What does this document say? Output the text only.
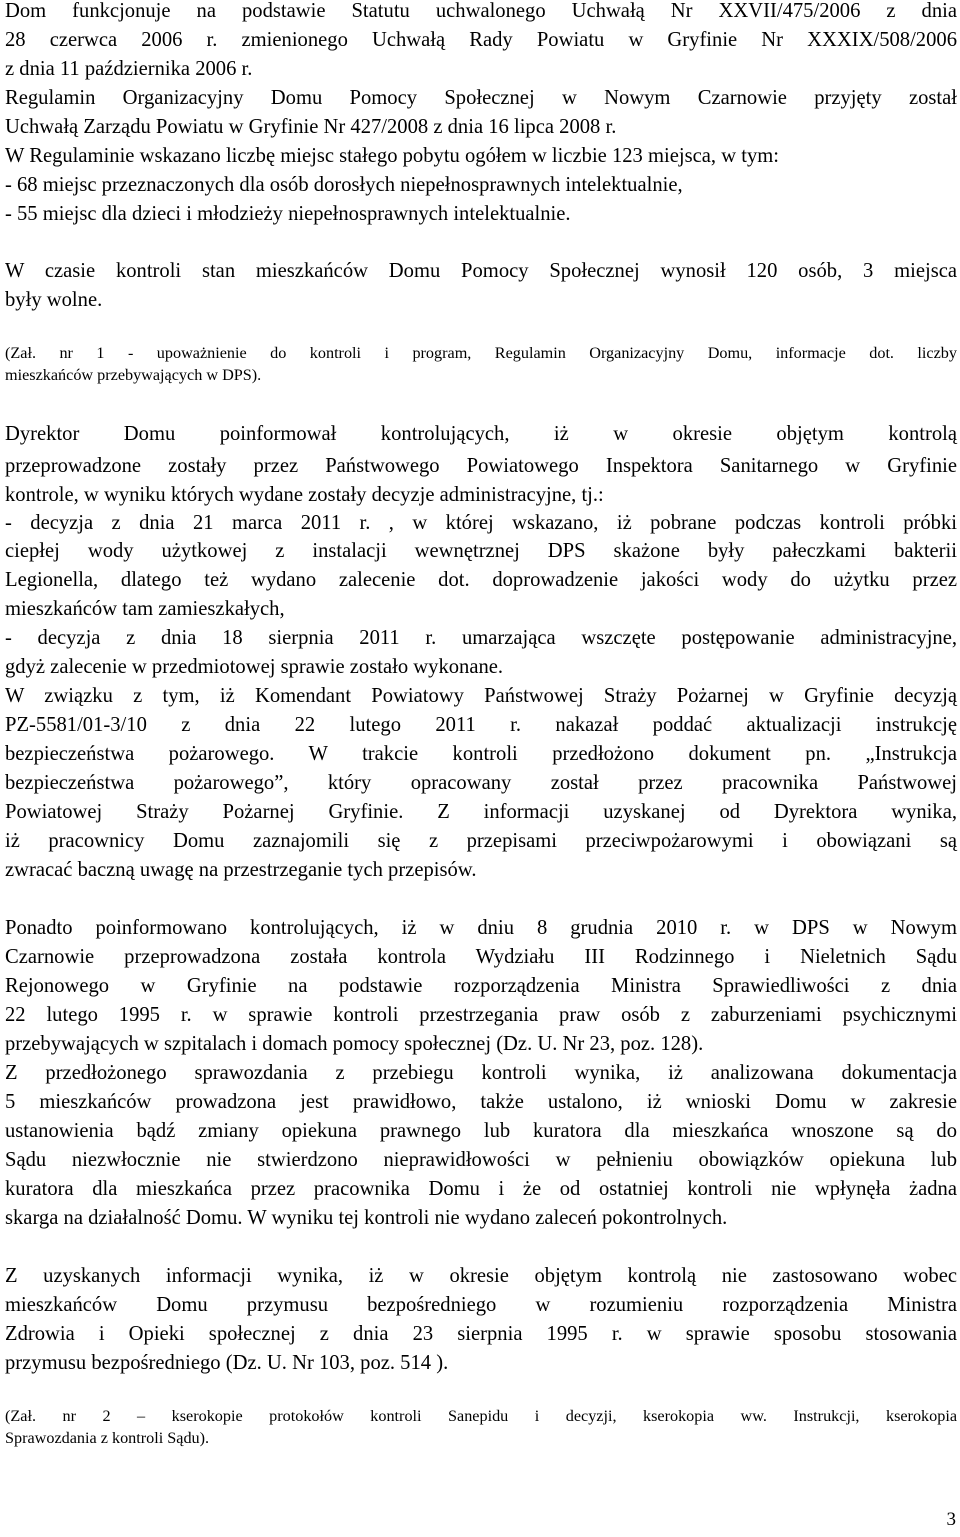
Dom funkcjonuje na podstawie Statutu uchwalonego Uchwałą Nr XXVII/475/2006 z dnia
28 czerwca 2006 r. zmienionego Uchwałą Rady Powiatu w Gryfinie Nr XXXIX/508/2006
z dnia 11 października 2006 r.
Regulamin Organizacyjny Domu Pomocy Społecznej w Nowym Czarnowie przyjęty został
Uchwałą Zarządu Powiatu w Gryfinie Nr 427/2008 z dnia 16 lipca 2008 r.
W Regulaminie wskazano liczbę miejsc stałego pobytu ogółem w liczbie 123 miejsca, w tym:
- 68 miejsc przeznaczonych dla osób dorosłych niepełnosprawnych intelektualnie,
- 55 miejsc dla dzieci i młodzieży niepełnosprawnych intelektualnie.
W czasie kontroli stan mieszkańców Domu Pomocy Społecznej wynosił 120 osób, 3 miejsca
były wolne.
(Zał. nr 1 - upoważnienie do kontroli i program, Regulamin Organizacyjny Domu, informacje dot. liczby
mieszkańców przebywających w DPS).
Dyrektor Domu poinformował kontrolujących, iż w okresie objętym kontrolą
przeprowadzone zostały przez Państwowego Powiatowego Inspektora Sanitarnego w Gryfinie
kontrole, w wyniku których wydane zostały decyzje administracyjne, tj.:
- decyzja z dnia 21 marca 2011 r. , w której wskazano, iż pobrane podczas kontroli próbki
ciepłej wody użytkowej z instalacji wewnętrznej DPS skażone były pałeczkami bakterii
Legionella, dlatego też wydano zalecenie dot. doprowadzenie jakości wody do użytku przez
mieszkańców tam zamieszkałych,
- decyzja z dnia 18 sierpnia 2011 r. umarzająca wszczęte postępowanie administracyjne,
gdyż zalecenie w przedmiotowej sprawie zostało wykonane.
W związku z tym, iż Komendant Powiatowy Państwowej Straży Pożarnej w Gryfinie decyzją
PZ-5581/01-3/10 z dnia 22 lutego 2011 r. nakazał poddać aktualizacji instrukcję
bezpieczeństwa pożarowego. W trakcie kontroli przedłożono dokument pn. „Instrukcja
bezpieczeństwa pożarowego”, który opracowany został przez pracownika Państwowej
Powiatowej Straży Pożarnej Gryfinie. Z informacji uzyskanej od Dyrektora wynika,
iż pracownicy Domu zaznajomili się z przepisami przeciwpożarowymi i obowiązani są
zwracać baczną uwagę na przestrzeganie tych przepisów.
Ponadto poinformowano kontrolujących, iż w dniu 8 grudnia 2010 r. w DPS w Nowym
Czarnowie przeprowadzona została kontrola Wydziału III Rodzinnego i Nieletnich Sądu
Rejonowego w Gryfinie na podstawie rozporządzenia Ministra Sprawiedliwości z dnia
22 lutego 1995 r. w sprawie kontroli przestrzegania praw osób z zaburzeniami psychicznymi
przebywających w szpitalach i domach pomocy społecznej (Dz. U. Nr 23, poz. 128).
Z przedłożonego sprawozdania z przebiegu kontroli wynika, iż analizowana dokumentacja
5 mieszkańców prowadzona jest prawidłowo, także ustalono, iż wnioski Domu w zakresie
ustanowienia bądź zmiany opiekuna prawnego lub kuratora dla mieszkańca wnoszone są do
Sądu niezwłocznie nie stwierdzono nieprawidłowości w pełnieniu obowiązków opiekuna lub
kuratora dla mieszkańca przez pracownika Domu i że od ostatniej kontroli nie wpłynęła żadna
skarga na działalność Domu. W wyniku tej kontroli nie wydano zaleceń pokontrolnych.
Z uzyskanych informacji wynika, iż w okresie objętym kontrolą nie zastosowano wobec
mieszkańców Domu przymusu bezpośredniego w rozumieniu rozporządzenia Ministra
Zdrowia i Opieki społecznej z dnia 23 sierpnia 1995 r. w sprawie sposobu stosowania
przymusu bezpośredniego (Dz. U. Nr 103, poz. 514 ).
(Zał. nr 2 – kserokopie protokołów kontroli Sanepidu i decyzji, kserokopia ww. Instrukcji, kserokopia
Sprawozdania z kontroli Sądu).
3
